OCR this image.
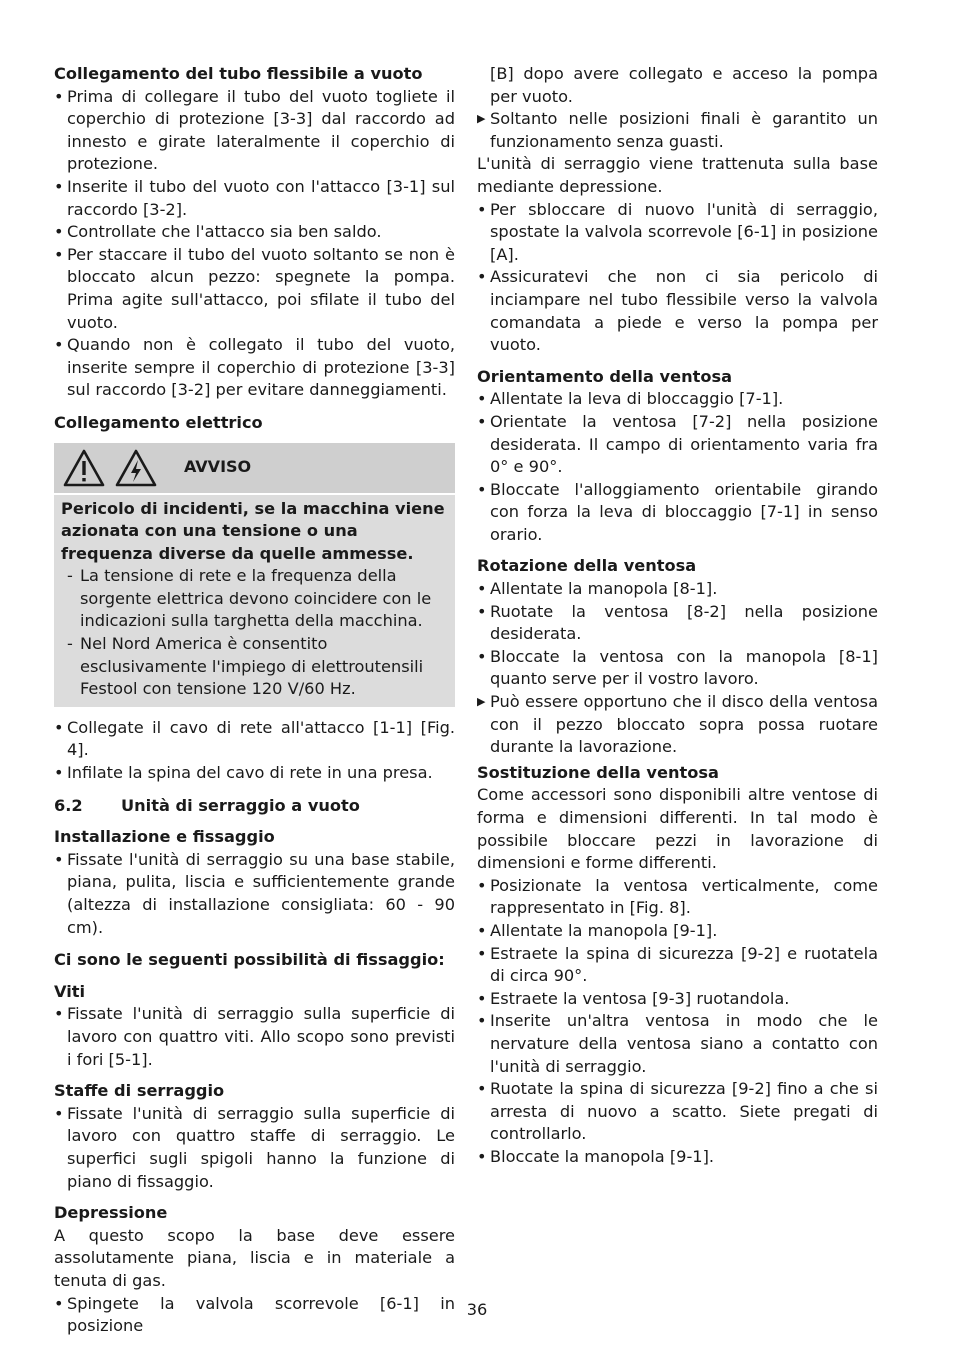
Collegamento del tubo flessibile a vuoto
• Prima di collegare il tubo del vuoto togliete il coperchio di protezione [3-3] dal raccordo ad innesto e girate lateralmente il coperchio di protezione.
• Inserite il tubo del vuoto con l'attacco [3-1] sul raccordo [3-2].
• Controllate che l'attacco sia ben saldo.
• Per staccare il tubo del vuoto soltanto se non è bloccato alcun pezzo: spegnete la pompa. Prima agite sull'attacco, poi sfilate il tubo del vuoto.
• Quando non è collegato il tubo del vuoto, inserite sempre il coperchio di protezione [3-3] sul raccordo [3-2] per evitare danneggiamenti.
Collegamento elettrico
AVVISO
Pericolo di incidenti, se la macchina viene azionata con una tensione o una frequenza diverse da quelle ammesse.
- La tensione di rete e la frequenza della sorgente elettrica devono coincidere con le indicazioni sulla targhetta della macchina.
- Nel Nord America è consentito esclusivamente l'impiego di elettroutensili Festool con tensione 120 V/60 Hz.
• Collegate il cavo di rete all'attacco [1-1] [Fig. 4].
• Infilate la spina del cavo di rete in una presa.
6.2	Unità di serraggio a vuoto
Installazione e fissaggio
• Fissate l'unità di serraggio su una base stabile, piana, pulita, liscia e sufficientemente grande (altezza di installazione consigliata: 60 - 90 cm).
Ci sono le seguenti possibilità di fissaggio:
Viti
• Fissate l'unità di serraggio sulla superficie di lavoro con quattro viti. Allo scopo sono previsti i fori [5-1].
Staffe di serraggio
• Fissate l'unità di serraggio sulla superficie di lavoro con quattro staffe di serraggio. Le superfici sugli spigoli hanno la funzione di piano di fissaggio.
Depressione

A questo scopo la base deve essere assolutamente piana, liscia e in materiale a tenuta di gas.

• Spingete la valvola scorrevole [6-1] in posizione

[B] dopo avere collegato e acceso la pompa per vuoto.

▶ Soltanto nelle posizioni finali è garantito un funzionamento senza guasti.

L'unità di serraggio viene trattenuta sulla base mediante depressione.

• Per sbloccare di nuovo l'unità di serraggio, spostate la valvola scorrevole [6-1] in posizione [A].
• Assicuratevi che non ci sia pericolo di inciampare nel tubo flessibile verso la valvola comandata a piede e verso la pompa per vuoto.
Orientamento della ventosa
• Allentate la leva di bloccaggio [7-1].
• Orientate la ventosa [7-2] nella posizione desiderata. Il campo di orientamento varia fra 0° e 90°.
• Bloccate l'alloggiamento orientabile girando con forza la leva di bloccaggio [7-1] in senso orario.
Rotazione della ventosa
• Allentate la manopola [8-1].
• Ruotate la ventosa [8-2] nella posizione desiderata.
• Bloccate la ventosa con la manopola [8-1] quanto serve per il vostro lavoro.
▶ Può essere opportuno che il disco della ventosa con il pezzo bloccato sopra possa ruotare durante la lavorazione.
Sostituzione della ventosa

Come accessori sono disponibili altre ventose di forma e dimensioni differenti. In tal modo è possibile bloccare pezzi in lavorazione di dimensioni e forme differenti.

• Posizionate la ventosa verticalmente, come rappresentato in [Fig. 8].
• Allentate la manopola [9-1].
• Estraete la spina di sicurezza [9-2] e ruotatela di circa 90°.
• Estraete la ventosa [9-3] ruotandola.
• Inserite un'altra ventosa in modo che le nervature della ventosa siano a contatto con l'unità di serraggio.
• Ruotate la spina di sicurezza [9-2] fino a che si arresta di nuovo a scatto. Siete pregati di controllarlo.
• Bloccate la manopola [9-1].
36
